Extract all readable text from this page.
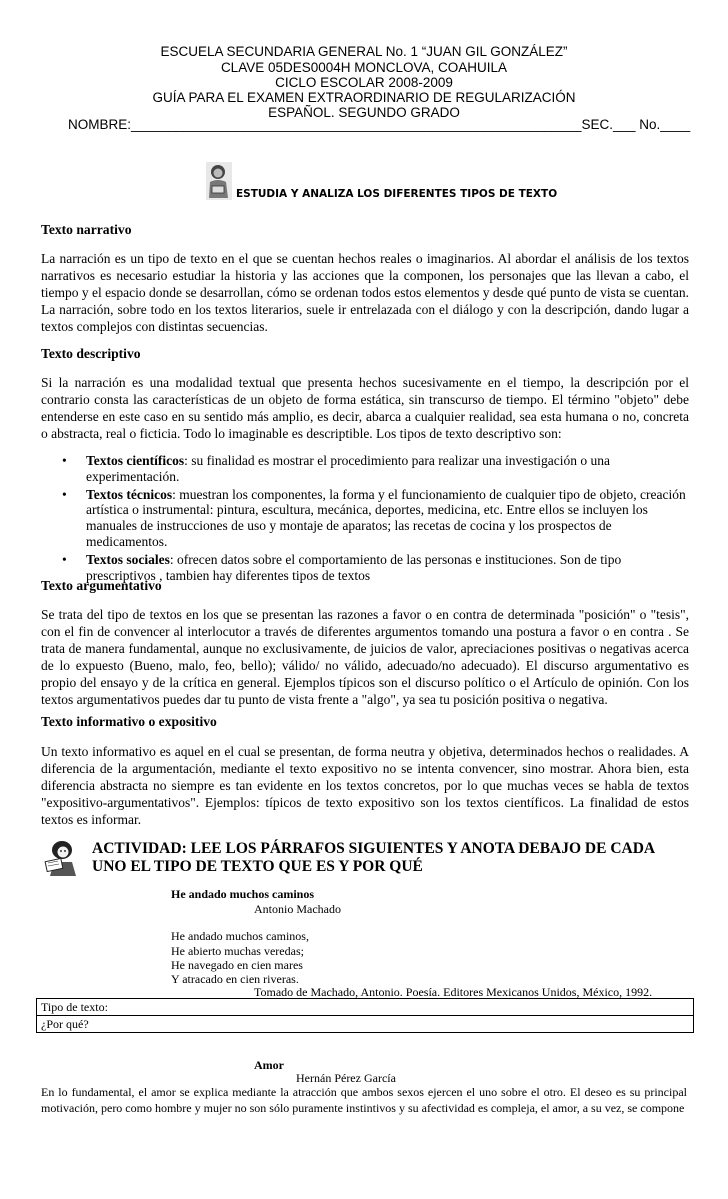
ESCUELA SECUNDARIA GENERAL No. 1 “JUAN GIL GONZÁLEZ”
CLAVE 05DES0004H MONCLOVA, COAHUILA
CICLO ESCOLAR 2008-2009
GUÍA PARA EL EXAMEN EXTRAORDINARIO DE REGULARIZACIÓN
ESPAÑOL. SEGUNDO GRADO
NOMBRE:____________________________________________________________SEC.___ No.____
ESTUDIA Y ANALIZA LOS DIFERENTES TIPOS DE TEXTO
Texto narrativo

La narración es un tipo de texto en el que se cuentan hechos reales o imaginarios. Al abordar el análisis de los textos narrativos es necesario estudiar la historia y las acciones que la componen, los personajes que las llevan a cabo, el tiempo y el espacio donde se desarrollan, cómo se ordenan todos estos elementos y desde qué punto de vista se cuentan. La narración, sobre todo en los textos literarios, suele ir entrelazada con el diálogo y con la descripción, dando lugar a textos complejos con distintas secuencias.

Texto descriptivo

Si la narración es una modalidad textual que presenta hechos sucesivamente en el tiempo, la descripción por el contrario consta las características de un objeto de forma estática, sin transcurso de tiempo. El término "objeto" debe entenderse en este caso en su sentido más amplio, es decir, abarca a cualquier realidad, sea esta humana o no, concreta o abstracta, real o ficticia. Todo lo imaginable es descriptible. Los tipos de texto descriptivo son:

• Textos científicos: su finalidad es mostrar el procedimiento para realizar una investigación o una experimentación.
• Textos técnicos: muestran los componentes, la forma y el funcionamiento de cualquier tipo de objeto, creación artística o instrumental: pintura, escultura, mecánica, deportes, medicina, etc. Entre ellos se incluyen los manuales de instrucciones de uso y montaje de aparatos; las recetas de cocina y los prospectos de medicamentos.
• Textos sociales: ofrecen datos sobre el comportamiento de las personas e instituciones. Son de tipo prescriptivos , tambien hay diferentes tipos de textos
Texto argumentativo

Se trata del tipo de textos en los que se presentan las razones a favor o en contra de determinada "posición" o "tesis", con el fin de convencer al interlocutor a través de diferentes argumentos tomando una postura a favor o en contra . Se trata de manera fundamental, aunque no exclusivamente, de juicios de valor, apreciaciones positivas o negativas acerca de lo expuesto (Bueno, malo, feo, bello); válido/ no válido, adecuado/no adecuado). El discurso argumentativo es propio del ensayo y de la crítica en general. Ejemplos típicos son el discurso político o el Artículo de opinión. Con los textos argumentativos puedes dar tu punto de vista frente a "algo", ya sea tu posición positiva o negativa.

Texto informativo o expositivo

Un texto informativo es aquel en el cual se presentan, de forma neutra y objetiva, determinados hechos o realidades. A diferencia de la argumentación, mediante el texto expositivo no se intenta convencer, sino mostrar. Ahora bien, esta diferencia abstracta no siempre es tan evidente en los textos concretos, por lo que muchas veces se habla de textos "expositivo-argumentativos". Ejemplos: típicos de texto expositivo son los textos científicos. La finalidad de estos textos es informar.

ACTIVIDAD: LEE LOS PÁRRAFOS SIGUIENTES Y ANOTA DEBAJO DE CADA UNO EL TIPO DE TEXTO QUE ES Y POR QUÉ
He andado muchos caminos
Antonio Machado
He andado muchos caminos,
He abierto muchas veredas;
He navegado en cien mares
Y atracado en cien riveras.
Tomado de Machado, Antonio. Poesía. Editores Mexicanos Unidos, México, 1992.
Tipo de texto:
¿Por qué?
Amor
Hernán Pérez García
En lo fundamental, el amor se explica mediante la atracción que ambos sexos ejercen el uno sobre el otro. El deseo es su principal motivación, pero como hombre y mujer no son sólo puramente instintivos y su afectividad es compleja, el amor, a su vez, se compone
